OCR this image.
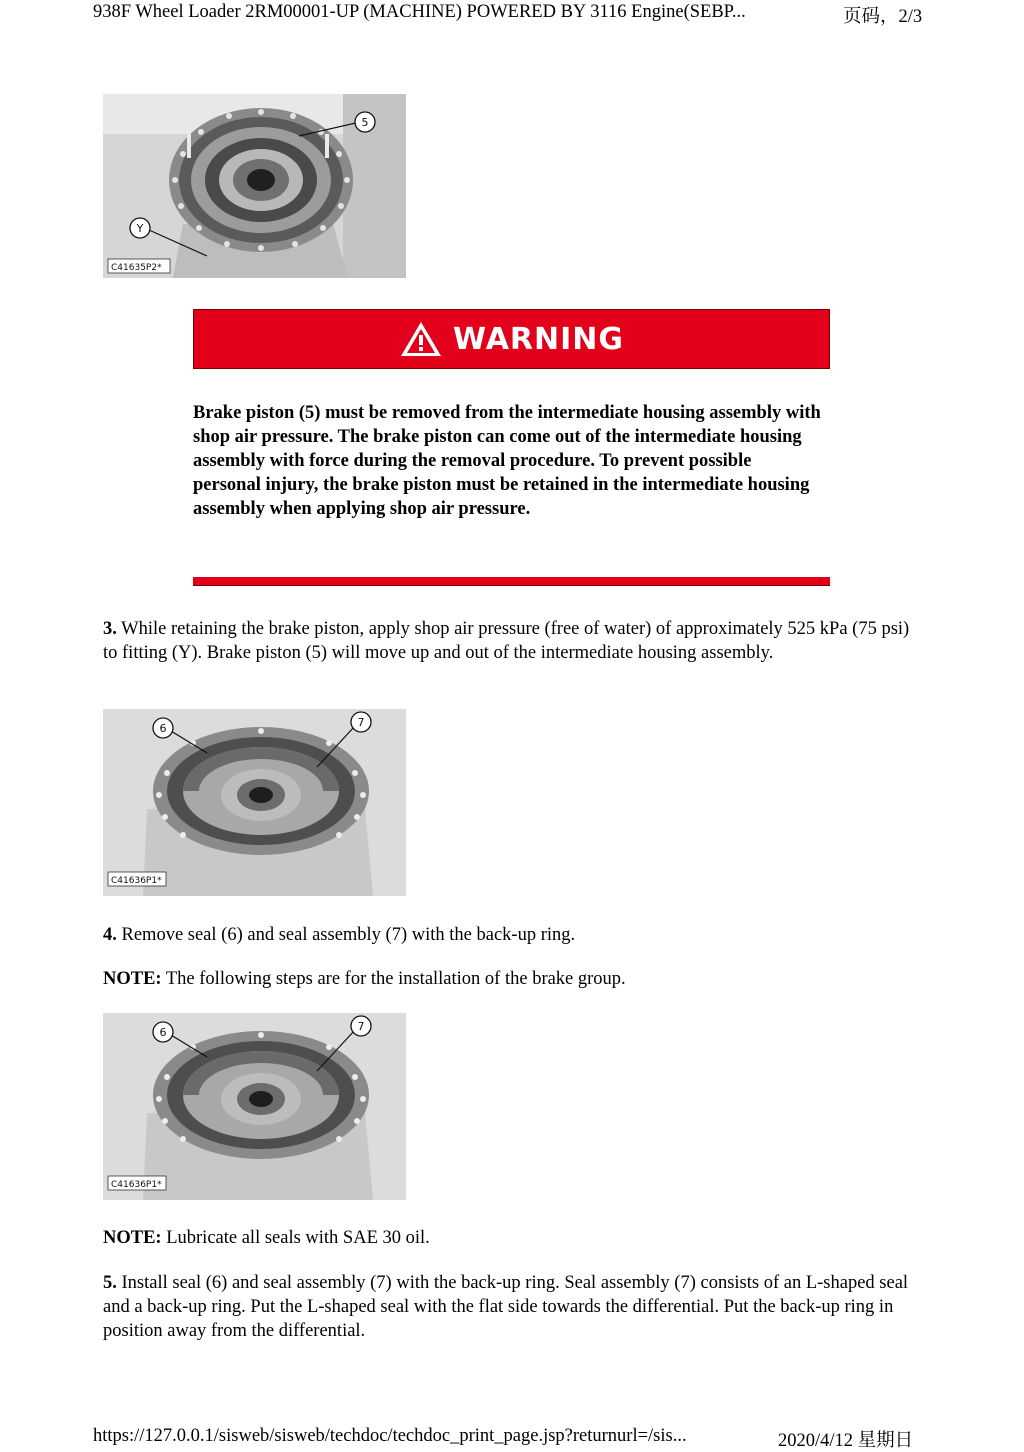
938F Wheel Loader 2RM00001-UP (MACHINE) POWERED BY 3116 Engine(SEBP...	页码，2/3
5
Y
C41635P2*
WARNING
Brake piston (5) must be removed from the intermediate housing assembly with shop air pressure. The brake piston can come out of the intermediate housing assembly with force during the removal procedure. To prevent possible personal injury, the brake piston must be retained in the intermediate housing assembly when applying shop air pressure.
3. While retaining the brake piston, apply shop air pressure (free of water) of approximately 525 kPa (75 psi) to fitting (Y). Brake piston (5) will move up and out of the intermediate housing assembly.
6	7
C41636P1*
4. Remove seal (6) and seal assembly (7) with the back-up ring.
NOTE: The following steps are for the installation of the brake group.
6	7
C41636P1*
NOTE: Lubricate all seals with SAE 30 oil.
5. Install seal (6) and seal assembly (7) with the back-up ring. Seal assembly (7) consists of an L-shaped seal and a back-up ring. Put the L-shaped seal with the flat side towards the differential. Put the back-up ring in position away from the differential.
https://127.0.0.1/sisweb/sisweb/techdoc/techdoc_print_page.jsp?returnurl=/sis...	2020/4/12 星期日
